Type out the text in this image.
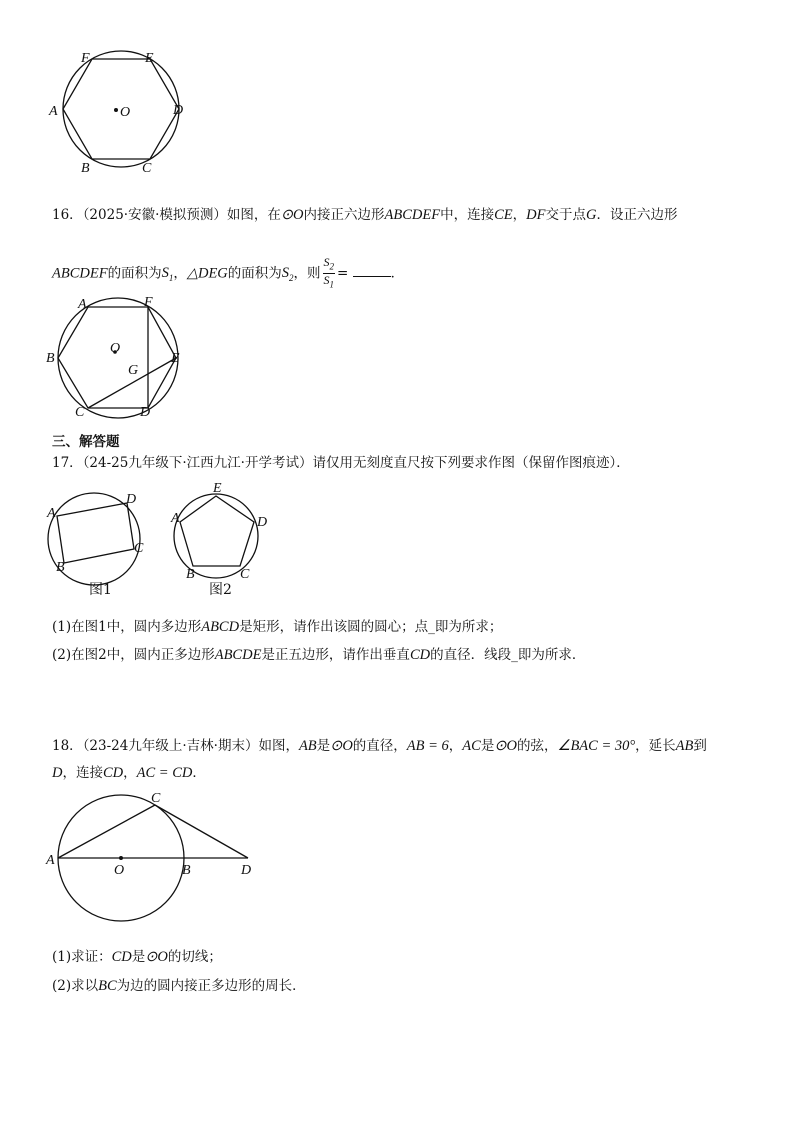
F	E
A	D
B	C
O
16．（2025·安徽·模拟预测）如图，在⊙O内接正六边形ABCDEF中，连接CE，DF交于点G．设正六边形
ABCDEF的面积为$S_1$，△DEG的面积为$S_2$，则 $\frac{S_2}{S_1}$ =	．
A	F
B	E
O
G
C	D
三、解答题
17．（24-25九年级下·江西九江·开学考试）请仅用无刻度直尺按下列要求作图（保留作图痕迹）．
A
D
C
B
图1
E
A	D
B	C
图2
(1)在图1中，圆内多边形ABCD是矩形，请作出该圆的圆心；点_即为所求；
(2)在图2中，圆内正多边形ABCDE是正五边形，请作出垂直CD的直径．线段_即为所求．
18．（23-24九年级上·吉林·期末）如图，AB是⊙O的直径，AB = 6，AC是⊙O的弦，∠BAC = 30°，延长AB到
D，连接CD，AC = CD．
C
A
O	B	D
(1)求证：CD是⊙O的切线；
(2)求以BC为边的圆内接正多边形的周长．
